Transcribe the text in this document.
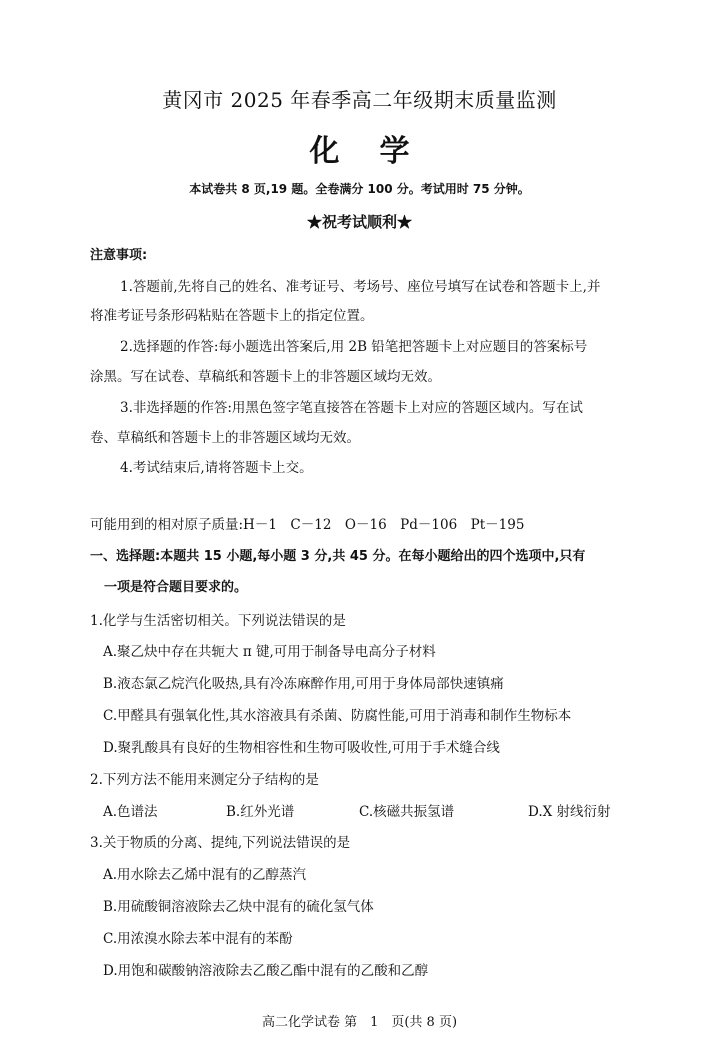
黄冈市 2025 年春季高二年级期末质量监测
化学
本试卷共 8 页,19 题。全卷满分 100 分。考试用时 75 分钟。
★祝考试顺利★
注意事项:
1.答题前,先将自己的姓名、准考证号、考场号、座位号填写在试卷和答题卡上,并
将准考证号条形码粘贴在答题卡上的指定位置。
2.选择题的作答:每小题选出答案后,用 2B 铅笔把答题卡上对应题目的答案标号
涂黑。写在试卷、草稿纸和答题卡上的非答题区域均无效。
3.非选择题的作答:用黑色签字笔直接答在答题卡上对应的答题区域内。写在试
卷、草稿纸和答题卡上的非答题区域均无效。
4.考试结束后,请将答题卡上交。
可能用到的相对原子质量:H－1　C－12　O－16　Pd－106　Pt－195
一、选择题:本题共 15 小题,每小题 3 分,共 45 分。在每小题给出的四个选项中,只有
一项是符合题目要求的。
1.化学与生活密切相关。下列说法错误的是
A.聚乙炔中存在共轭大 π 键,可用于制备导电高分子材料
B.液态氯乙烷汽化吸热,具有冷冻麻醉作用,可用于身体局部快速镇痛
C.甲醛具有强氧化性,其水溶液具有杀菌、防腐性能,可用于消毒和制作生物标本
D.聚乳酸具有良好的生物相容性和生物可吸收性,可用于手术缝合线
2.下列方法不能用来测定分子结构的是
A.色谱法	B.红外光谱	C.核磁共振氢谱	D.X 射线衍射
3.关于物质的分离、提纯,下列说法错误的是
A.用水除去乙烯中混有的乙醇蒸汽
B.用硫酸铜溶液除去乙炔中混有的硫化氢气体
C.用浓溴水除去苯中混有的苯酚
D.用饱和碳酸钠溶液除去乙酸乙酯中混有的乙酸和乙醇
高二化学试卷 第　1　页(共 8 页)
